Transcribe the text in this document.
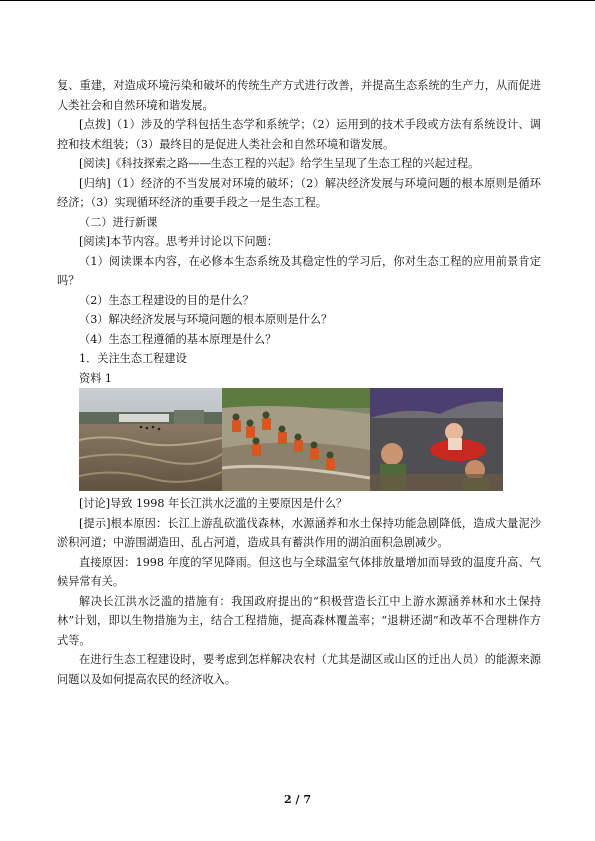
复、重建，对造成环境污染和破坏的传统生产方式进行改善，并提高生态系统的生产力，从而促进人类社会和自然环境和谐发展。

[点拨]（1）涉及的学科包括生态学和系统学；（2）运用到的技术手段或方法有系统设计、调控和技术组装；（3）最终目的是促进人类社会和自然环境和谐发展。

[阅读]《科技探索之路——生态工程的兴起》给学生呈现了生态工程的兴起过程。

[归纳]（1）经济的不当发展对环境的破坏；（2）解决经济发展与环境问题的根本原则是循环经济；（3）实现循环经济的重要手段之一是生态工程。

（二）进行新课

[阅读]本节内容。思考并讨论以下问题：

（1）阅读课本内容，在必修本生态系统及其稳定性的学习后，你对生态工程的应用前景肯定吗？

（2）生态工程建设的目的是什么？

（3）解决经济发展与环境问题的根本原则是什么？

（4）生态工程遵循的基本原理是什么？

1．关注生态工程建设

资料 1

[讨论]导致 1998 年长江洪水泛滥的主要原因是什么？

[提示]根本原因：长江上游乱砍滥伐森林，水源涵养和水土保持功能急剧降低，造成大量泥沙淤积河道；中游围湖造田、乱占河道，造成具有蓄洪作用的湖泊面积急剧减少。

直接原因：1998 年度的罕见降雨。但这也与全球温室气体排放量增加而导致的温度升高、气候异常有关。

解决长江洪水泛滥的措施有：我国政府提出的“积极营造长江中上游水源涵养林和水土保持林”计划，即以生物措施为主，结合工程措施，提高森林覆盖率；“退耕还湖”和改革不合理耕作方式等。

在进行生态工程建设时，要考虑到怎样解决农村（尤其是湖区或山区的迁出人员）的能源来源问题以及如何提高农民的经济收入。

2 / 7
